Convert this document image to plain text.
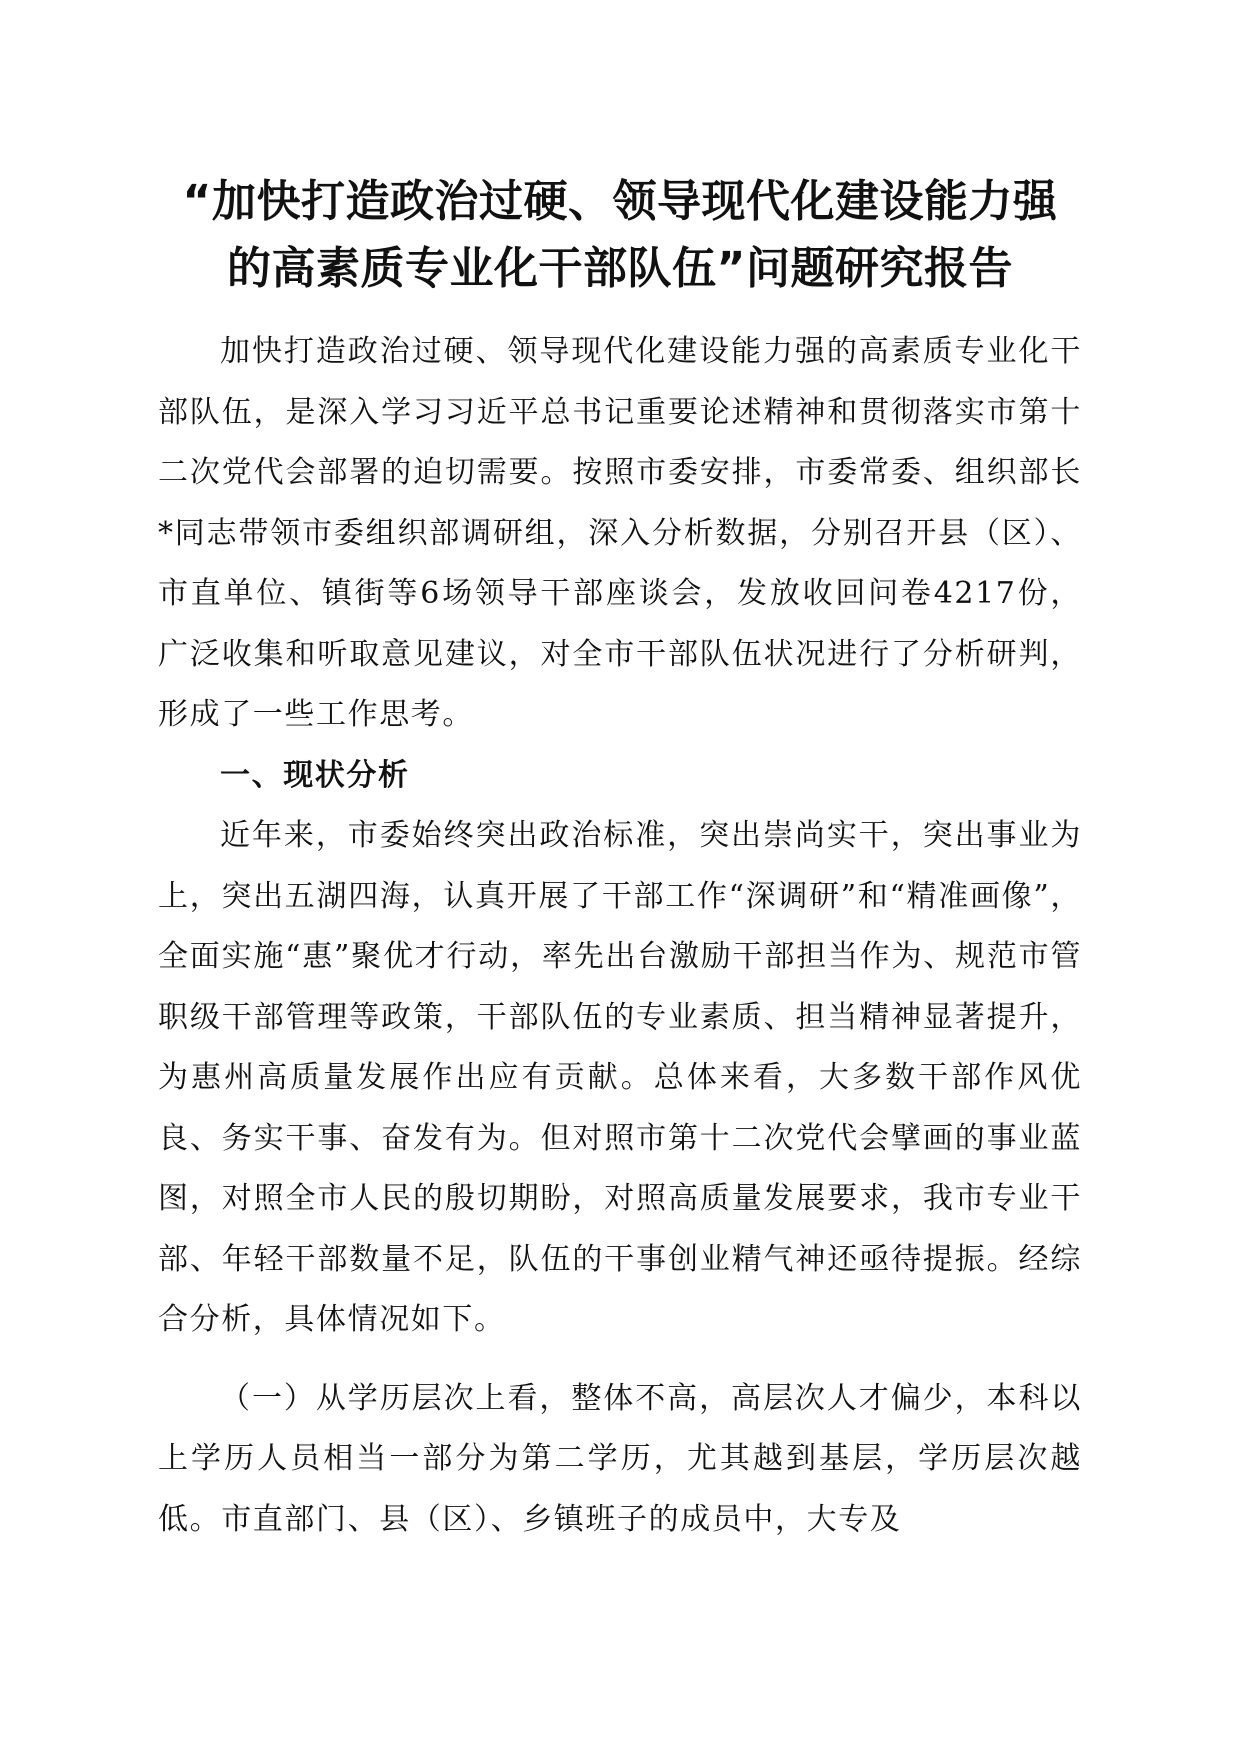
“加快打造政治过硬、领导现代化建设能力强
的高素质专业化干部队伍”问题研究报告

加快打造政治过硬、领导现代化建设能力强的高素质专业化干部队伍，是深入学习习近平总书记重要论述精神和贯彻落实市第十二次党代会部署的迫切需要。按照市委安排，市委常委、组织部长*同志带领市委组织部调研组，深入分析数据，分别召开县（区）、市直单位、镇街等6场领导干部座谈会，发放收回问卷4217份，广泛收集和听取意见建议，对全市干部队伍状况进行了分析研判，形成了一些工作思考。

一、现状分析

近年来，市委始终突出政治标准，突出崇尚实干，突出事业为上，突出五湖四海，认真开展了干部工作“深调研”和“精准画像”，全面实施“惠”聚优才行动，率先出台激励干部担当作为、规范市管职级干部管理等政策，干部队伍的专业素质、担当精神显著提升，为惠州高质量发展作出应有贡献。总体来看，大多数干部作风优良、务实干事、奋发有为。但对照市第十二次党代会擘画的事业蓝图，对照全市人民的殷切期盼，对照高质量发展要求，我市专业干部、年轻干部数量不足，队伍的干事创业精气神还亟待提振。经综合分析，具体情况如下。

（一）从学历层次上看，整体不高，高层次人才偏少，本科以上学历人员相当一部分为第二学历，尤其越到基层，学历层次越低。市直部门、县（区）、乡镇班子的成员中，大专及
